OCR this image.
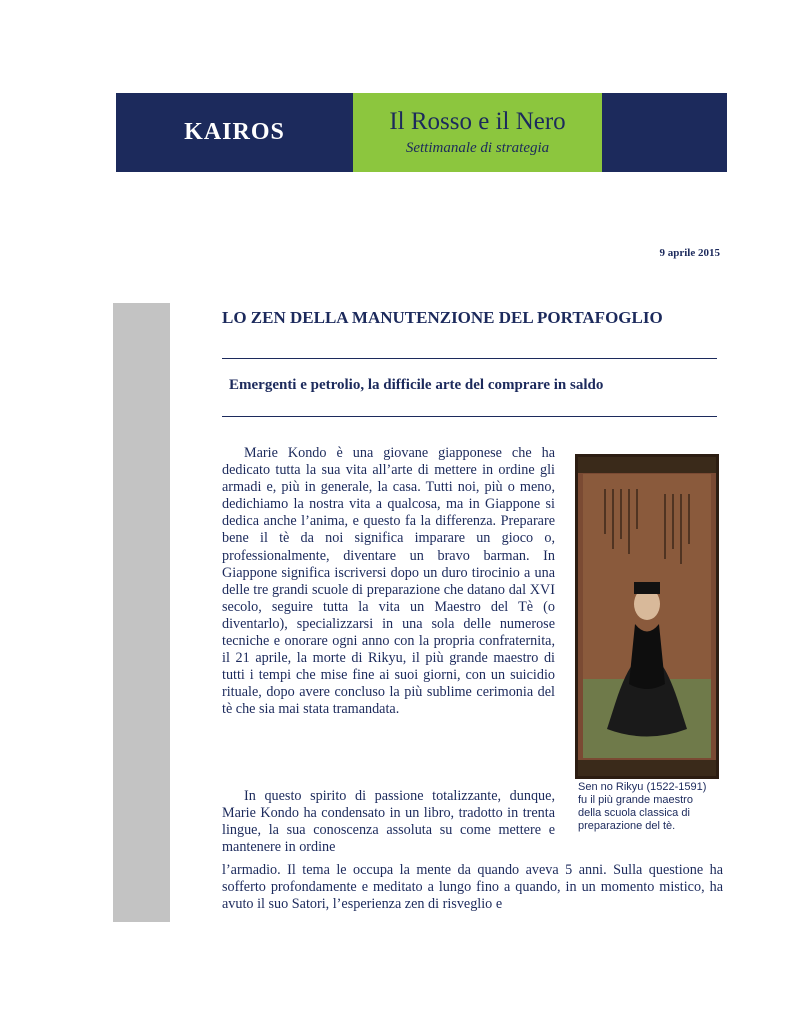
KAIROS	Il Rosso e il Nero
Settimanale di strategia
9 aprile 2015
LO ZEN DELLA MANUTENZIONE DEL PORTAFOGLIO
Emergenti e petrolio, la difficile arte del comprare in saldo

Marie Kondo è una giovane giapponese che ha dedicato tutta la sua vita all’arte di mettere in ordine gli armadi e, più in generale, la casa. Tutti noi, più o meno, dedichiamo la nostra vita a qualcosa, ma in Giappone si dedica anche l’anima, e questo fa la differenza. Preparare bene il tè da noi significa imparare un gioco o, professionalmente, diventare un bravo barman. In Giappone significa iscriversi dopo un duro tirocinio a una delle tre grandi scuole di preparazione che datano dal XVI secolo, seguire tutta la vita un Maestro del Tè (o diventarlo), specializzarsi in una sola delle numerose tecniche e onorare ogni anno con la propria confraternita, il 21 aprile, la morte di Rikyu, il più grande maestro di tutti i tempi che mise fine ai suoi giorni, con un suicidio rituale, dopo avere concluso la più sublime cerimonia del tè che sia mai stata tramandata.

In questo spirito di passione totalizzante, dunque, Marie Kondo ha condensato in un libro, tradotto in trenta lingue, la sua conoscenza assoluta su come mettere e mantenere in ordine

l’armadio. Il tema le occupa la mente da quando aveva 5 anni. Sulla questione ha sofferto profondamente e meditato a lungo fino a quando, in un momento mistico, ha avuto il suo Satori, l’esperienza zen di risveglio e

Sen no Rikyu (1522-1591) fu il più grande maestro della scuola classica di preparazione del tè.
